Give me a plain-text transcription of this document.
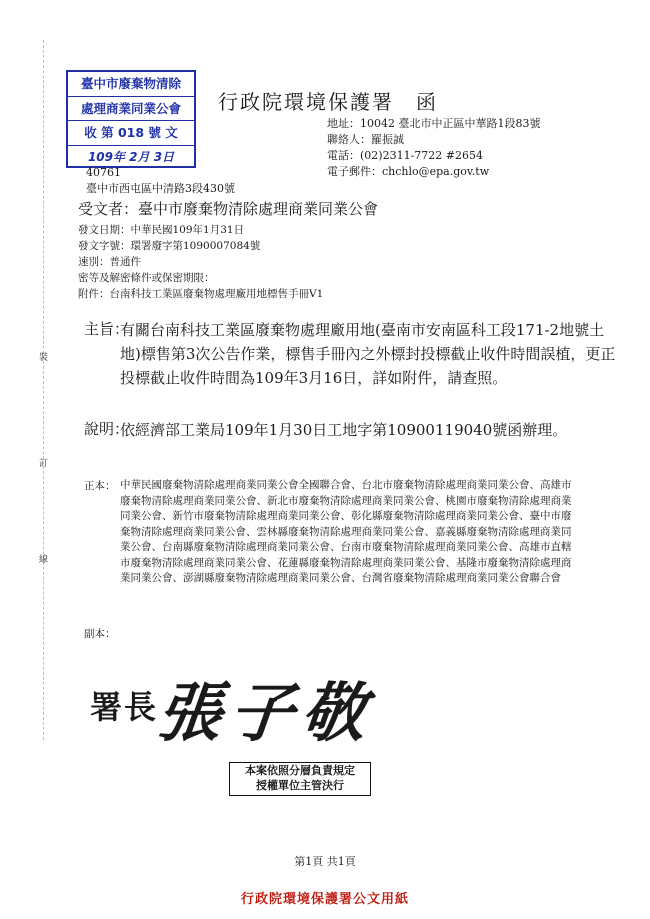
裝
訂
線
臺中市廢棄物清除
處理商業同業公會
收 第 018 號 文
109年 2月 3日
行政院環境保護署　函
地址：10042 臺北市中正區中華路1段83號
聯絡人：羅振誠
電話：(02)2311-7722 #2654
電子郵件：chchlo@epa.gov.tw
40761
臺中市西屯區中清路3段430號
受文者：臺中市廢棄物清除處理商業同業公會
發文日期：中華民國109年1月31日
發文字號：環署廢字第1090007084號
速別：普通件
密等及解密條件或保密期限：
附件：台南科技工業區廢棄物處理廠用地標售手冊V1
主旨：
有關台南科技工業區廢棄物處理廠用地(臺南市安南區科工段171-2地號土地)標售第3次公告作業，標售手冊內之外標封投標截止收件時間誤植，更正投標截止收件時間為109年3月16日，詳如附件，請查照。
說明：
依經濟部工業局109年1月30日工地字第10900119040號函辦理。
正本： 中華民國廢棄物清除處理商業同業公會全國聯合會、台北市廢棄物清除處理商業同業公會、高雄市廢棄物清除處理商業同業公會、新北市廢棄物清除處理商業同業公會、桃園市廢棄物清除處理商業同業公會、新竹市廢棄物清除處理商業同業公會、彰化縣廢棄物清除處理商業同業公會、臺中市廢棄物清除處理商業同業公會、雲林縣廢棄物清除處理商業同業公會、嘉義縣廢棄物清除處理商業同業公會、台南縣廢棄物清除處理商業同業公會、台南市廢棄物清除處理商業同業公會、高雄市直轄市廢棄物清除處理商業同業公會、花蓮縣廢棄物清除處理商業同業公會、基隆市廢棄物清除處理商業同業公會、澎湖縣廢棄物清除處理商業同業公會、台灣省廢棄物清除處理商業同業公會聯合會
副本：
署長
張子敬
本案依照分層負責規定
授權單位主管決行
第1頁 共1頁
行政院環境保護署公文用紙
